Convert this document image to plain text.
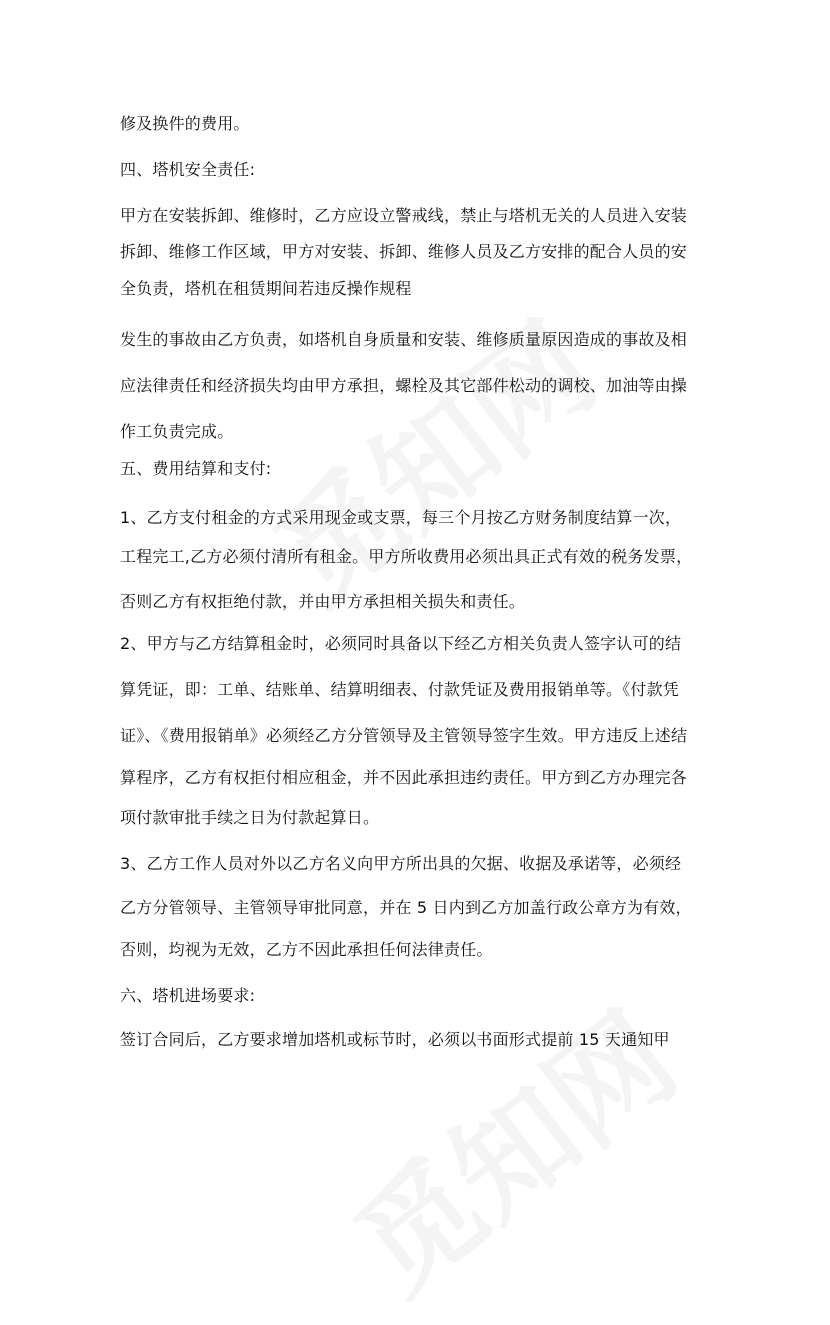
修及换件的费用。
四、塔机安全责任:
甲方在安装拆卸、维修时，乙方应设立警戒线，禁止与塔机无关的人员进入安装
拆卸、维修工作区域，甲方对安装、拆卸、维修人员及乙方安排的配合人员的安
全负责，塔机在租赁期间若违反操作规程
发生的事故由乙方负责，如塔机自身质量和安装、维修质量原因造成的事故及相
应法律责任和经济损失均由甲方承担，螺栓及其它部件松动的调校、加油等由操
作工负责完成。
五、费用结算和支付:
1、乙方支付租金的方式采用现金或支票，每三个月按乙方财务制度结算一次，
工程完工,乙方必须付清所有租金。甲方所收费用必须出具正式有效的税务发票，
否则乙方有权拒绝付款，并由甲方承担相关损失和责任。
2、甲方与乙方结算租金时，必须同时具备以下经乙方相关负责人签字认可的结
算凭证，即：工单、结账单、结算明细表、付款凭证及费用报销单等。《付款凭
证》、《费用报销单》必须经乙方分管领导及主管领导签字生效。甲方违反上述结
算程序，乙方有权拒付相应租金，并不因此承担违约责任。甲方到乙方办理完各
项付款审批手续之日为付款起算日。
3、乙方工作人员对外以乙方名义向甲方所出具的欠据、收据及承诺等，必须经
乙方分管领导、主管领导审批同意，并在 5 日内到乙方加盖行政公章方为有效，
否则，均视为无效，乙方不因此承担任何法律责任。
六、塔机进场要求:
签订合同后，乙方要求增加塔机或标节时，必须以书面形式提前 15 天通知甲
